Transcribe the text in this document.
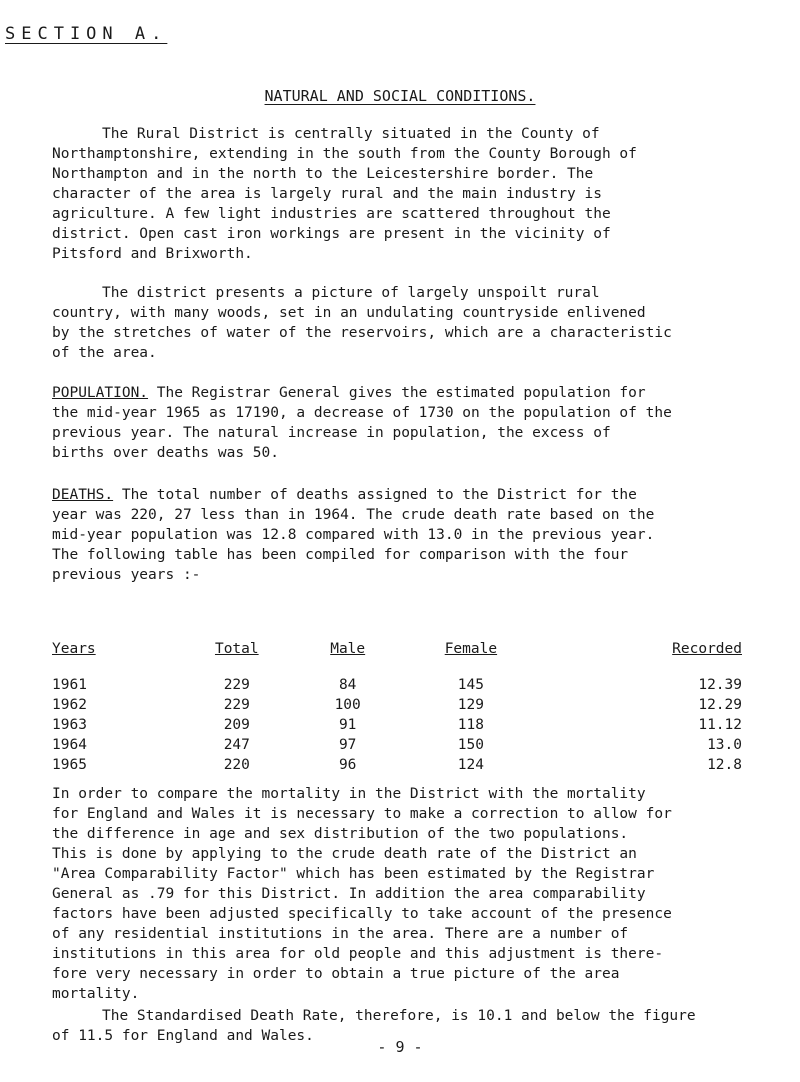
SECTION A.
NATURAL AND SOCIAL CONDITIONS.

The Rural District is centrally situated in the County of
Northamptonshire, extending in the south from the County Borough of
Northampton and in the north to the Leicestershire border. The
character of the area is largely rural and the main industry is
agriculture. A few light industries are scattered throughout the
district. Open cast iron workings are present in the vicinity of
Pitsford and Brixworth.

The district presents a picture of largely unspoilt rural
country, with many woods, set in an undulating countryside enlivened
by the stretches of water of the reservoirs, which are a characteristic
of the area.

POPULATION. The Registrar General gives the estimated population for
the mid-year 1965 as 17190, a decrease of 1730 on the population of the
previous year. The natural increase in population, the excess of
births over deaths was 50.

DEATHS. The total number of deaths assigned to the District for the
year was 220, 27 less than in 1964. The crude death rate based on the
mid-year population was 12.8 compared with 13.0 in the previous year.
The following table has been compiled for comparison with the four
previous years :-

Years	Total	Male	Female	Recorded
1961	229	84	145	12.39
1962	229	100	129	12.29
1963	209	91	118	11.12
1964	247	97	150	13.0
1965	220	96	124	12.8

In order to compare the mortality in the District with the mortality
for England and Wales it is necessary to make a correction to allow for
the difference in age and sex distribution of the two populations.
This is done by applying to the crude death rate of the District an
"Area Comparability Factor" which has been estimated by the Registrar
General as .79 for this District. In addition the area comparability
factors have been adjusted specifically to take account of the presence
of any residential institutions in the area. There are a number of
institutions in this area for old people and this adjustment is there-
fore very necessary in order to obtain a true picture of the area
mortality.

The Standardised Death Rate, therefore, is 10.1 and below the figure
of 11.5 for England and Wales.

- 9 -
